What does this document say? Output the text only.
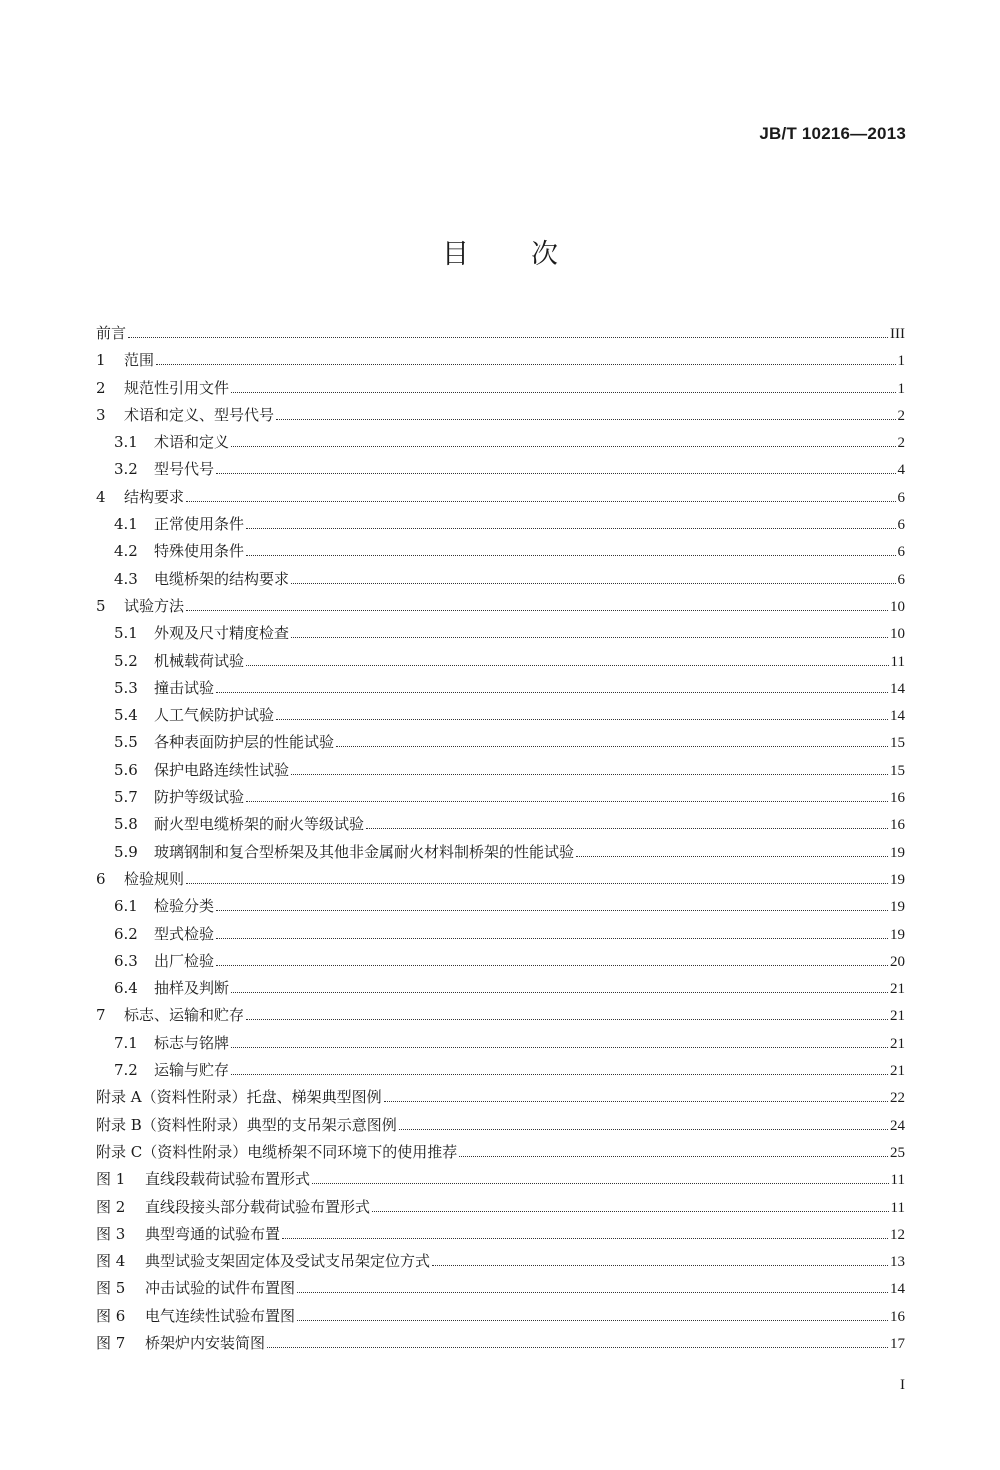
JB/T 10216—2013
目 次
前言	III
1	范围	1
2	规范性引用文件	1
3	术语和定义、型号代号	2
3.1	术语和定义	2
3.2	型号代号	4
4	结构要求	6
4.1	正常使用条件	6
4.2	特殊使用条件	6
4.3	电缆桥架的结构要求	6
5	试验方法	10
5.1	外观及尺寸精度检查	10
5.2	机械载荷试验	11
5.3	撞击试验	14
5.4	人工气候防护试验	14
5.5	各种表面防护层的性能试验	15
5.6	保护电路连续性试验	15
5.7	防护等级试验	16
5.8	耐火型电缆桥架的耐火等级试验	16
5.9	玻璃钢制和复合型桥架及其他非金属耐火材料制桥架的性能试验	19
6	检验规则	19
6.1	检验分类	19
6.2	型式检验	19
6.3	出厂检验	20
6.4	抽样及判断	21
7	标志、运输和贮存	21
7.1	标志与铭牌	21
7.2	运输与贮存	21
附录 A（资料性附录）托盘、梯架典型图例	22
附录 B（资料性附录）典型的支吊架示意图例	24
附录 C（资料性附录）电缆桥架不同环境下的使用推荐	25
图 1	直线段载荷试验布置形式	11
图 2	直线段接头部分载荷试验布置形式	11
图 3	典型弯通的试验布置	12
图 4	典型试验支架固定体及受试支吊架定位方式	13
图 5	冲击试验的试件布置图	14
图 6	电气连续性试验布置图	16
图 7	桥架炉内安装简图	17
I
